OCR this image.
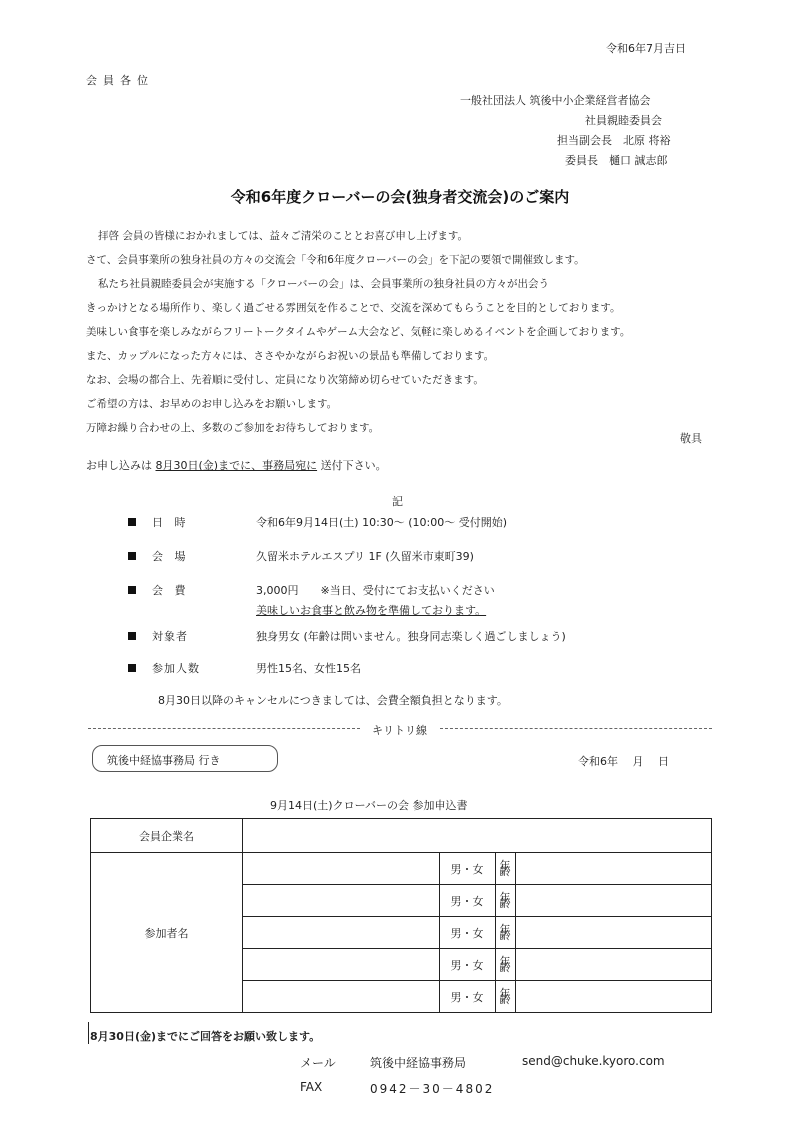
令和6年7月吉日
会員各位
一般社団法人 筑後中小企業経営者協会
社員親睦委員会
担当副会長　北原 将裕
委員長　樋口 誠志郎
令和6年度クローバーの会(独身者交流会)のご案内
拝啓 会員の皆様におかれましては、益々ご清栄のこととお喜び申し上げます。
さて、会員事業所の独身社員の方々の交流会「令和6年度クローバーの会」を下記の要領で開催致します。
私たち社員親睦委員会が実施する「クローバーの会」は、会員事業所の独身社員の方々が出会う
きっかけとなる場所作り、楽しく過ごせる雰囲気を作ることで、交流を深めてもらうことを目的としております。
美味しい食事を楽しみながらフリートークタイムやゲーム大会など、気軽に楽しめるイベントを企画しております。
また、カップルになった方々には、ささやかながらお祝いの景品も準備しております。
なお、会場の都合上、先着順に受付し、定員になり次第締め切らせていただきます。
ご希望の方は、お早めのお申し込みをお願いします。
万障お繰り合わせの上、多数のご参加をお待ちしております。
敬具
お申し込みは 8月30日(金)までに、事務局宛に 送付下さい。
記
日 時	令和6年9月14日(土) 10:30～ (10:00～ 受付開始)
会 場	久留米ホテルエスプリ 1F (久留米市東町39)
会 費	3,000円　　※当日、受付にてお支払いください
美味しいお食事と飲み物を準備しております。
対象者	独身男女 (年齢は問いません。独身同志楽しく過ごしましょう)
参加人数	男性15名、女性15名
8月30日以降のキャンセルにつきましては、会費全額負担となります。
キリトリ線
筑後中経協事務局 行き	令和6年　 月　 日
9月14日(土)クローバーの会 参加申込書
会員企業名				
参加者名		男・女	年齢	
		男・女	年齢	
		男・女	年齢	
		男・女	年齢	
		男・女	年齢	
8月30日(金)までにご回答をお願い致します。
メール	筑後中経協事務局	send@chuke.kyoro.com
FAX	0942－30－4802
